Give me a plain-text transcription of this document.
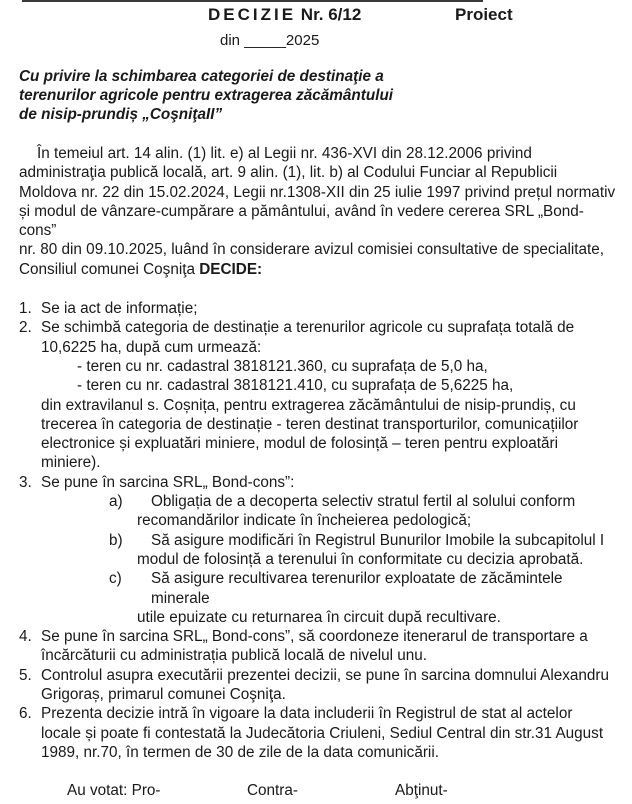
DECIZIE Nr. 6/12	Proiect
din _____2025
Cu privire la schimbarea categoriei de destinaţie a
terenurilor agricole pentru extragerea zăcământului
de nisip-prundiș „CoşniţaII”
În temeiul art. 14 alin. (1) lit. e) al Legii nr. 436-XVI din 28.12.2006 privind
administraţia publică locală, art. 9 alin. (1), lit. b) al Codului Funciar al Republicii
Moldova nr. 22 din 15.02.2024, Legii nr.1308-XII din 25 iulie 1997 privind prețul normativ
și modul de vânzare-cumpărare a pământului, având în vedere cererea SRL „Bond-cons”
nr. 80 din 09.10.2025, luând în considerare avizul comisiei consultative de specialitate,
Consiliul comunei Coşniţa DECIDE:
1. Se ia act de informație;
2. Se schimbă categoria de destinație a terenurilor agricole cu suprafața totală de
10,6225 ha, după cum urmează:
- teren cu nr. cadastral 3818121.360, cu suprafața de 5,0 ha,
- teren cu nr. cadastral 3818121.410, cu suprafața de 5,6225 ha,
din extravilanul s. Coșnița, pentru extragerea zăcământului de nisip-prundiș, cu
trecerea în categoria de destinație - teren destinat transporturilor, comunicațiilor
electronice și expluatări miniere, modul de folosință – teren pentru exploatări
miniere).
3. Se pune în sarcina SRL„ Bond-cons”:
a)	Obligația de a decoperta selectiv stratul fertil al solului conform
recomandărilor indicate în încheierea pedologică;
b)	Să asigure modificări în Registrul Bunurilor Imobile la subcapitolul I
modul de folosință a terenului în conformitate cu decizia aprobată.
c)	Să asigure recultivarea terenurilor exploatate de zăcămintele minerale
utile epuizate cu returnarea în circuit după recultivare.
4. Se pune în sarcina SRL„ Bond-cons”, să coordoneze itenerarul de transportare a
încărcăturii cu administrația publică locală de nivelul unu.
5. Controlul asupra executării prezentei decizii, se pune în sarcina domnului Alexandru
Grigoraș, primarul comunei Coşniţa.
6. Prezenta decizie intră în vigoare la data includerii în Registrul de stat al actelor
locale și poate fi contestată la Judecătoria Criuleni, Sediul Central din str.31 August
1989, nr.70, în termen de 30 de zile de la data comunicării.
Au votat: Pro-	Contra-	Abţinut-
